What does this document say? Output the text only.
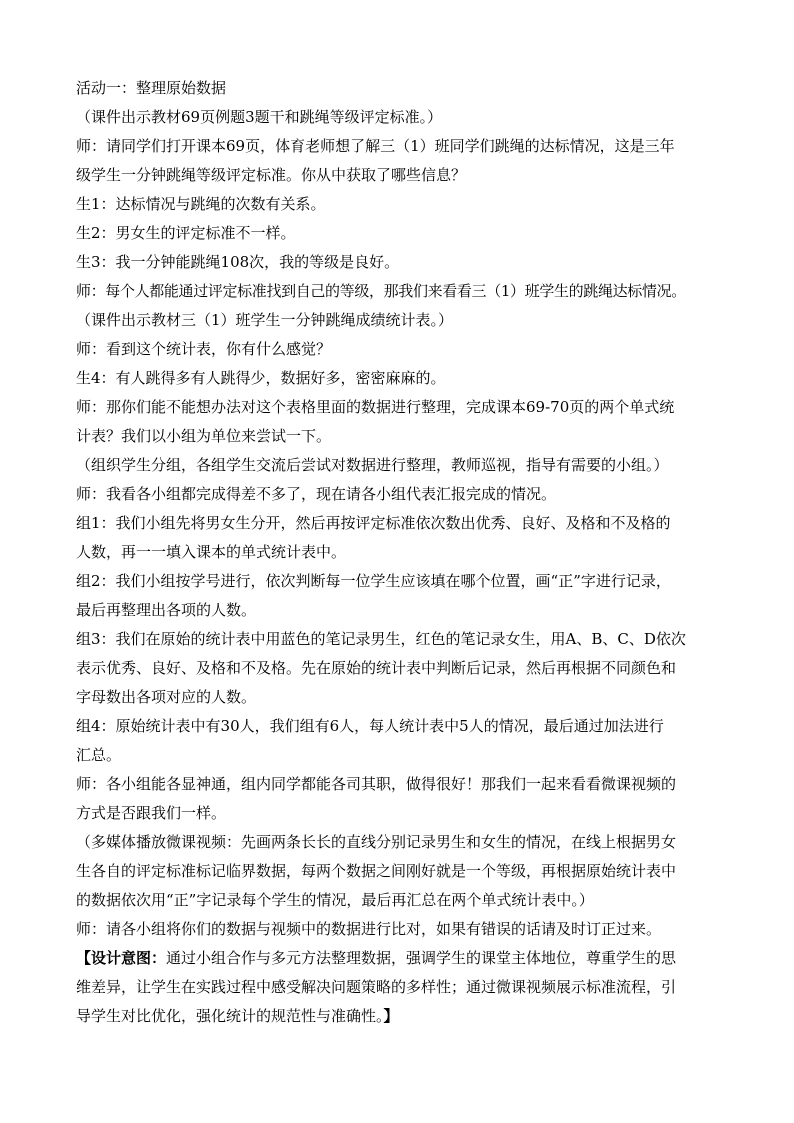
活动一：整理原始数据
（课件出示教材69页例题3题干和跳绳等级评定标准。）
师：请同学们打开课本69页，体育老师想了解三（1）班同学们跳绳的达标情况，这是三年
级学生一分钟跳绳等级评定标准。你从中获取了哪些信息？
生1：达标情况与跳绳的次数有关系。
生2：男女生的评定标准不一样。
生3：我一分钟能跳绳108次，我的等级是良好。
师：每个人都能通过评定标准找到自己的等级，那我们来看看三（1）班学生的跳绳达标情况。
（课件出示教材三（1）班学生一分钟跳绳成绩统计表。）
师：看到这个统计表，你有什么感觉？
生4：有人跳得多有人跳得少，数据好多，密密麻麻的。
师：那你们能不能想办法对这个表格里面的数据进行整理，完成课本69-70页的两个单式统
计表？我们以小组为单位来尝试一下。
（组织学生分组，各组学生交流后尝试对数据进行整理，教师巡视，指导有需要的小组。）
师：我看各小组都完成得差不多了，现在请各小组代表汇报完成的情况。
组1：我们小组先将男女生分开，然后再按评定标准依次数出优秀、良好、及格和不及格的
人数，再一一填入课本的单式统计表中。
组2：我们小组按学号进行，依次判断每一位学生应该填在哪个位置，画“正”字进行记录，
最后再整理出各项的人数。
组3：我们在原始的统计表中用蓝色的笔记录男生，红色的笔记录女生，用A、B、C、D依次
表示优秀、良好、及格和不及格。先在原始的统计表中判断后记录，然后再根据不同颜色和
字母数出各项对应的人数。
组4：原始统计表中有30人，我们组有6人，每人统计表中5人的情况，最后通过加法进行
汇总。
师：各小组能各显神通，组内同学都能各司其职，做得很好！那我们一起来看看微课视频的
方式是否跟我们一样。
（多媒体播放微课视频：先画两条长长的直线分别记录男生和女生的情况，在线上根据男女
生各自的评定标准标记临界数据，每两个数据之间刚好就是一个等级，再根据原始统计表中
的数据依次用“正”字记录每个学生的情况，最后再汇总在两个单式统计表中。）
师：请各小组将你们的数据与视频中的数据进行比对，如果有错误的话请及时订正过来。
【设计意图：通过小组合作与多元方法整理数据，强调学生的课堂主体地位，尊重学生的思
维差异，让学生在实践过程中感受解决问题策略的多样性；通过微课视频展示标准流程，引
导学生对比优化，强化统计的规范性与准确性。】
